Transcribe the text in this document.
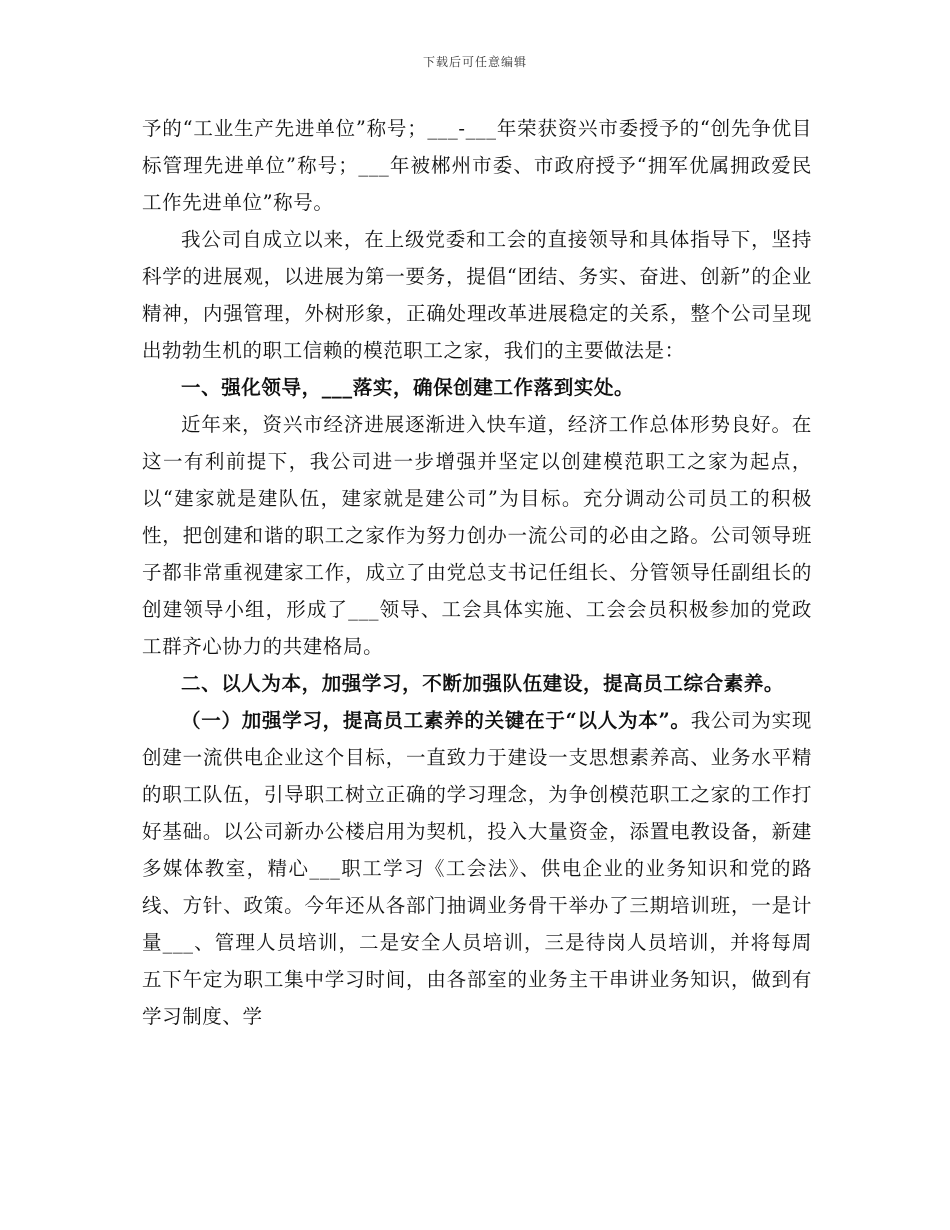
下载后可任意编辑

予的“工业生产先进单位”称号；___-___年荣获资兴市委授予的“创先争优目标管理先进单位”称号；___年被郴州市委、市政府授予“拥军优属拥政爱民工作先进单位”称号。

我公司自成立以来，在上级党委和工会的直接领导和具体指导下，坚持科学的进展观，以进展为第一要务，提倡“团结、务实、奋进、创新”的企业精神，内强管理，外树形象，正确处理改革进展稳定的关系，整个公司呈现出勃勃生机的职工信赖的模范职工之家，我们的主要做法是：

一、强化领导，___落实，确保创建工作落到实处。

近年来，资兴市经济进展逐渐进入快车道，经济工作总体形势良好。在这一有利前提下，我公司进一步增强并坚定以创建模范职工之家为起点，以“建家就是建队伍，建家就是建公司”为目标。充分调动公司员工的积极性，把创建和谐的职工之家作为努力创办一流公司的必由之路。公司领导班子都非常重视建家工作，成立了由党总支书记任组长、分管领导任副组长的创建领导小组，形成了___领导、工会具体实施、工会会员积极参加的党政工群齐心协力的共建格局。

二、以人为本，加强学习，不断加强队伍建设，提高员工综合素养。

（一）加强学习，提高员工素养的关键在于“以人为本”。我公司为实现创建一流供电企业这个目标，一直致力于建设一支思想素养高、业务水平精的职工队伍，引导职工树立正确的学习理念，为争创模范职工之家的工作打好基础。以公司新办公楼启用为契机，投入大量资金，添置电教设备，新建多媒体教室，精心___职工学习《工会法》、供电企业的业务知识和党的路线、方针、政策。今年还从各部门抽调业务骨干举办了三期培训班，一是计量___、管理人员培训，二是安全人员培训，三是待岗人员培训，并将每周五下午定为职工集中学习时间，由各部室的业务主干串讲业务知识，做到有学习制度、学
